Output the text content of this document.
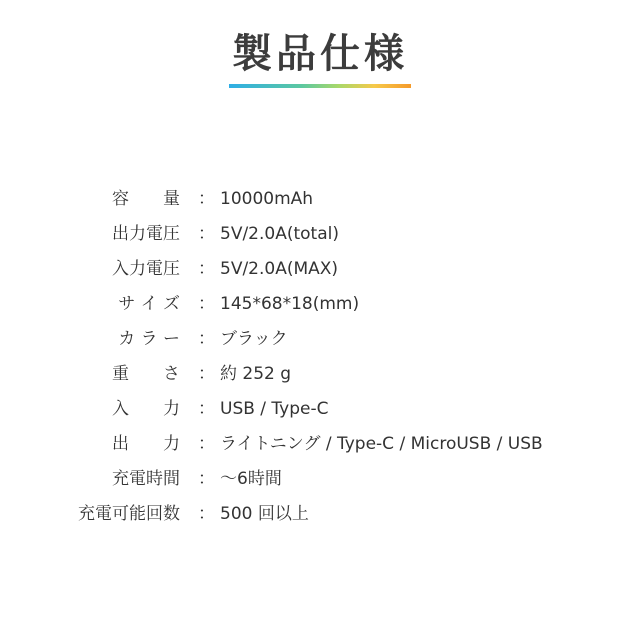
製品仕様
容　　量 ： 10000mAh
出力電圧 ： 5V/2.0A(total)
入力電圧 ： 5V/2.0A(MAX)
サ イ ズ ： 145*68*18(mm)
カ ラ ー ： ブラック
重　　さ ： 約 252 g
入　　力 ： USB / Type-C
出　　力 ： ライトニング / Type-C / MicroUSB / USB
充電時間 ： ～6時間
充電可能回数 ： 500 回以上
